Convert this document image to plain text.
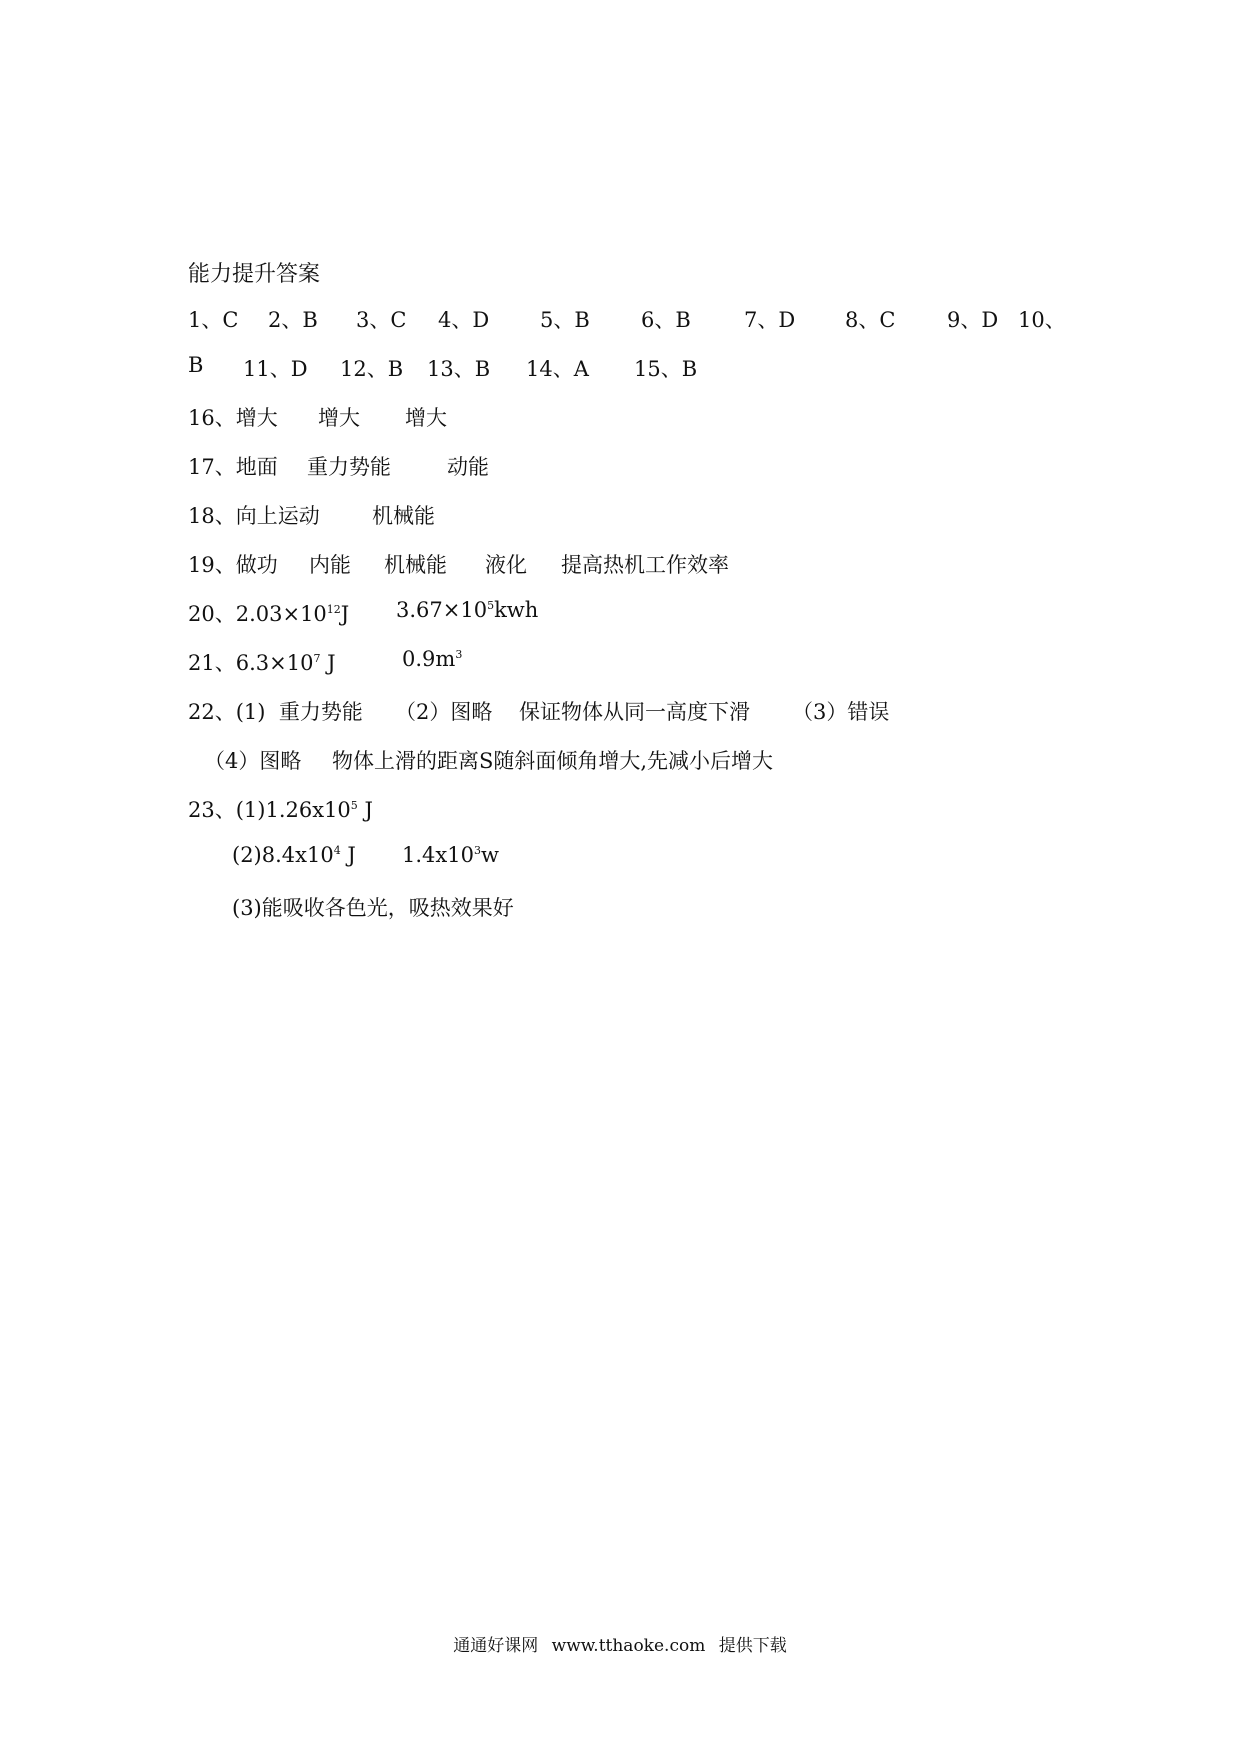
能力提升答案
1、C 2、B 3、C 4、D 5、B 6、B	7、D 8、C 9、D 10、
B 11、D 12、B 13、B 14、A 15、B
16、增大 增大 增大
17、地面 重力势能	动能
18、向上运动 机械能
19、做功 内能 机械能 液化 提高热机工作效率
20、$2.03\times 10^{12}J$ $3.67\times 10^5kwh$
21、$6.3\times 10^7$ J	$0.9m^3$
22、(1)  重力势能 （2）图略 保证物体从同一高度下滑 （3）错误
（4）图略 物体上滑的距离S随斜面倾角增大,先减小后增大
23、$(1)1.26x10^5$ J
$(2)8.4x10^4$ J $1.4x10^3w$
(3)能吸收各色光，吸热效果好
通通好课网 www.tthaoke.com 提供下载
